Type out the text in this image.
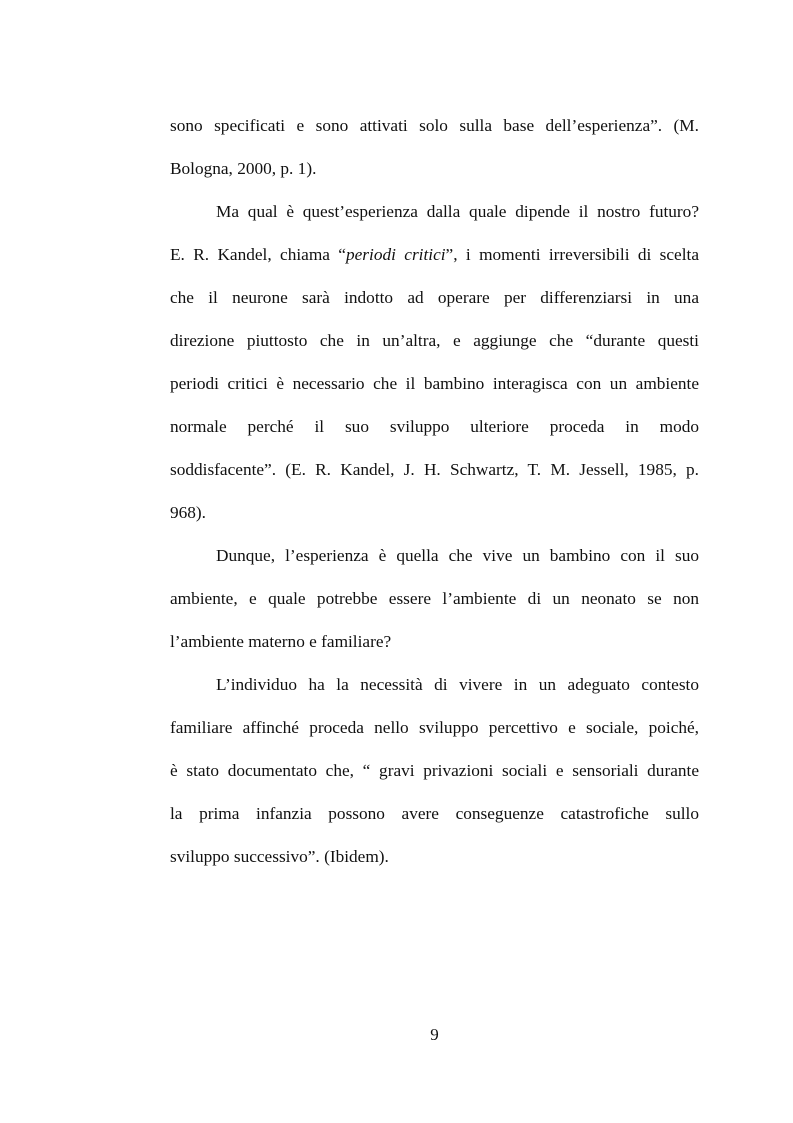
sono specificati e sono attivati solo sulla base dell’esperienza”. (M.
Bologna, 2000, p. 1).

Ma qual è quest’esperienza dalla quale dipende il nostro futuro?
E. R. Kandel, chiama “periodi critici”, i momenti irreversibili di scelta
che il neurone sarà indotto ad operare per differenziarsi in una
direzione piuttosto che in un’altra, e aggiunge che “durante questi
periodi critici è necessario che il bambino interagisca con un ambiente
normale perché il suo sviluppo ulteriore proceda in modo
soddisfacente”. (E. R. Kandel, J. H. Schwartz, T. M. Jessell, 1985, p.
968).

Dunque, l’esperienza è quella che vive un bambino con il suo
ambiente, e quale potrebbe essere l’ambiente di un neonato se non
l’ambiente materno e familiare?

L’individuo ha la necessità di vivere in un adeguato contesto
familiare affinché proceda nello sviluppo percettivo e sociale, poiché,
è stato documentato che, “ gravi privazioni sociali e sensoriali durante
la prima infanzia possono avere conseguenze catastrofiche sullo
sviluppo successivo”. (Ibidem).

9
